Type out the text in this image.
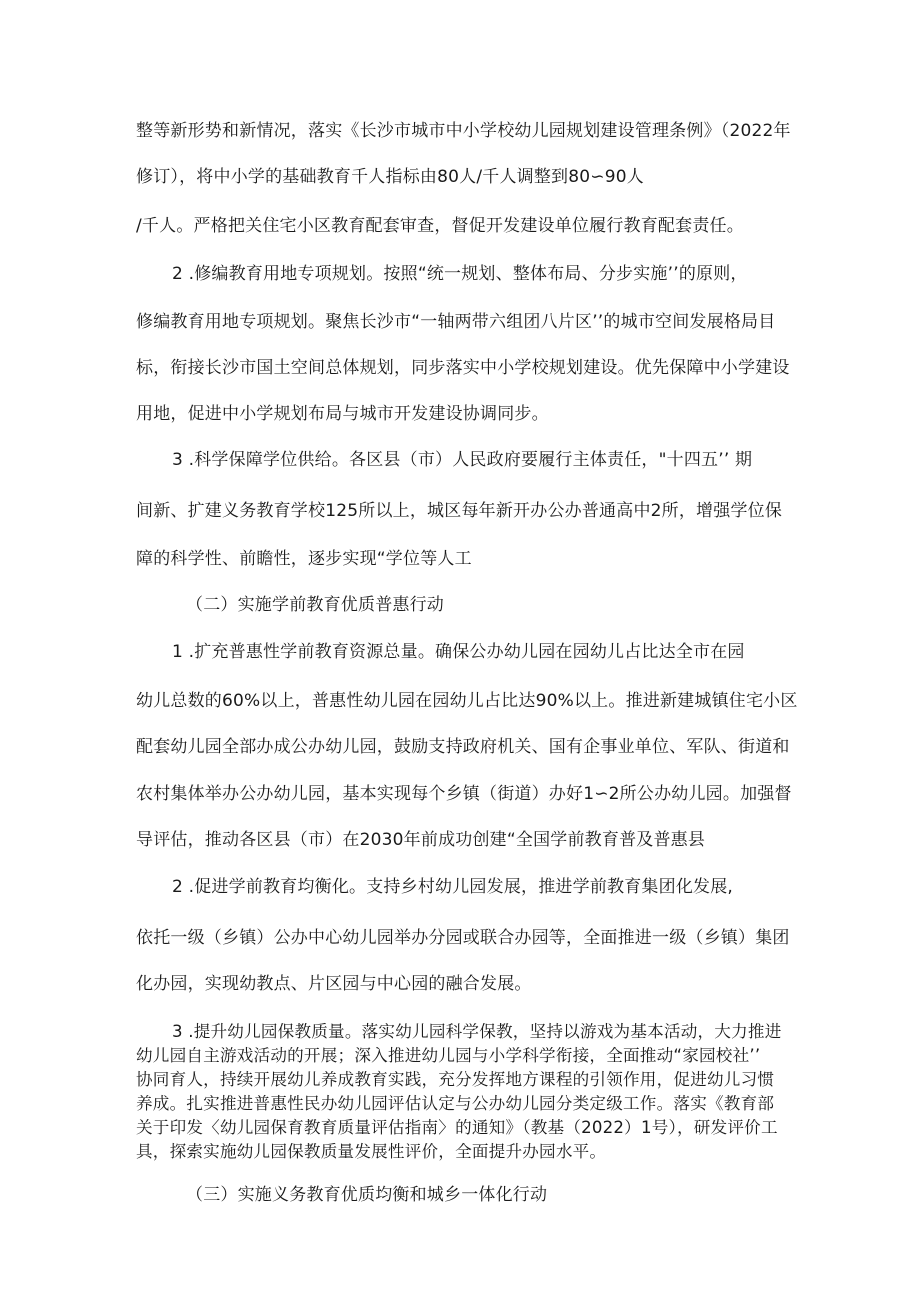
整等新形势和新情况，落实《长沙市城市中小学校幼儿园规划建设管理条例》（2022年
修订），将中小学的基础教育千人指标由80人/千人调整到80∽90人
/千人。严格把关住宅小区教育配套审查，督促开发建设单位履行教育配套责任。
2 .修编教育用地专项规划。按照“统一规划、整体布局、分步实施’’的原则，
修编教育用地专项规划。聚焦长沙市“一轴两带六组团八片区’’的城市空间发展格局目
标，衔接长沙市国土空间总体规划，同步落实中小学校规划建设。优先保障中小学建设
用地，促进中小学规划布局与城市开发建设协调同步。
3 .科学保障学位供给。各区县（市）人民政府要履行主体责任，"十四五’’ 期
间新、扩建义务教育学校125所以上，城区每年新开办公办普通高中2所，增强学位保
障的科学性、前瞻性，逐步实现“学位等人工
（二）实施学前教育优质普惠行动
1 .扩充普惠性学前教育资源总量。确保公办幼儿园在园幼儿占比达全市在园
幼儿总数的60%以上，普惠性幼儿园在园幼儿占比达90%以上。推进新建城镇住宅小区
配套幼儿园全部办成公办幼儿园，鼓励支持政府机关、国有企事业单位、军队、街道和
农村集体举办公办幼儿园，基本实现每个乡镇（街道）办好1∽2所公办幼儿园。加强督
导评估，推动各区县（市）在2030年前成功创建“全国学前教育普及普惠县
2 .促进学前教育均衡化。支持乡村幼儿园发展，推进学前教育集团化发展,
依托一级（乡镇）公办中心幼儿园举办分园或联合办园等，全面推进一级（乡镇）集团
化办园，实现幼教点、片区园与中心园的融合发展。
3 .提升幼儿园保教质量。落实幼儿园科学保教，坚持以游戏为基本活动，大力推进
幼儿园自主游戏活动的开展；深入推进幼儿园与小学科学衔接，全面推动“家园校社’’
协同育人，持续开展幼儿养成教育实践，充分发挥地方课程的引领作用，促进幼儿习惯
养成。扎实推进普惠性民办幼儿园评估认定与公办幼儿园分类定级工作。落实《教育部
关于印发〈幼儿园保育教育质量评估指南〉的通知》（教基（2022）1号），研发评价工
具，探索实施幼儿园保教质量发展性评价，全面提升办园水平。
（三）实施义务教育优质均衡和城乡一体化行动
